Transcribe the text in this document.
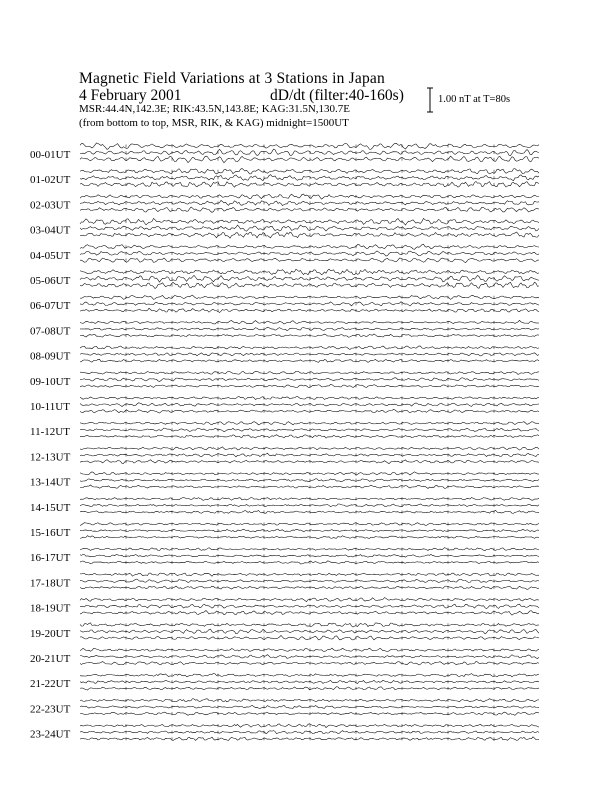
Magnetic Field Variations at 3 Stations in Japan
4 February 2001	dD/dt (filter:40-160s)
MSR:44.4N,142.3E; RIK:43.5N,143.8E; KAG:31.5N,130.7E
(from bottom to top, MSR, RIK, & KAG) midnight=1500UT
1.00 nT at T=80s
00-01UT
01-02UT
02-03UT
03-04UT
04-05UT
05-06UT
06-07UT
07-08UT
08-09UT
09-10UT
10-11UT
11-12UT
12-13UT
13-14UT
14-15UT
15-16UT
16-17UT
17-18UT
18-19UT
19-20UT
20-21UT
21-22UT
22-23UT
23-24UT
